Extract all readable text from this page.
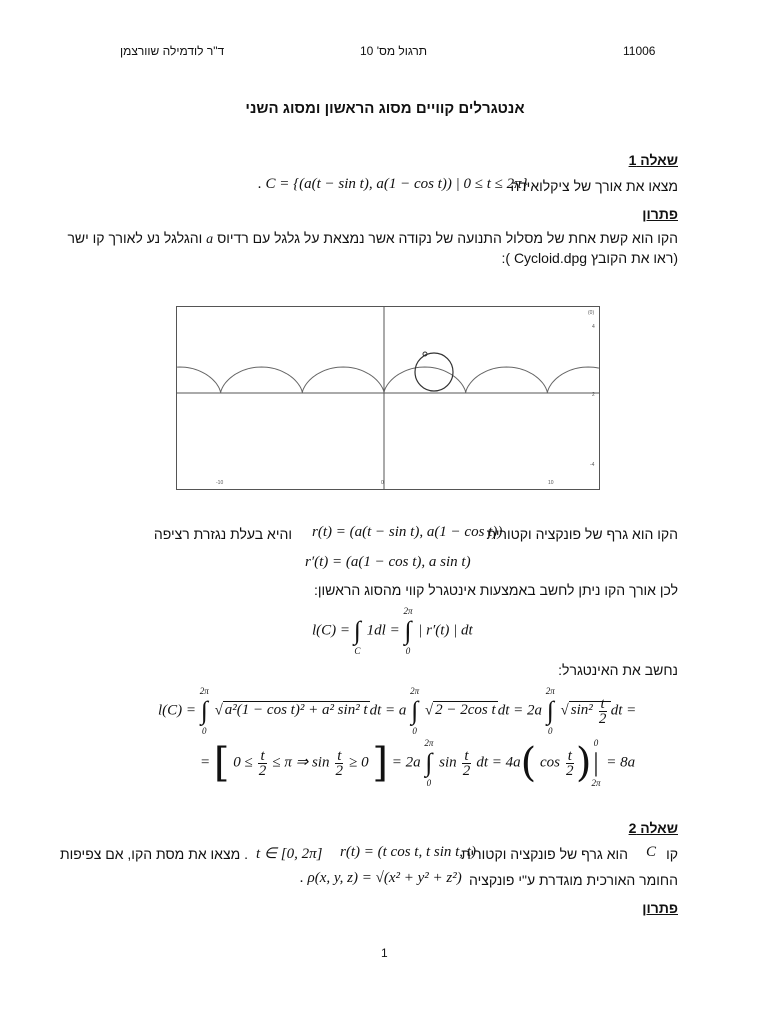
11006
תרגול מס' 10
ד"ר לודמילה שוורצמן
אנטגרלים קוויים מסוג הראשון ומסוג השני
שאלה 1
מצאו את אורך של ציקלואידה
. C = {(a(t − sin t), a(1 − cos t)) | 0 ≤ t ≤ 2π}
פתרון
הקו הוא קשת אחת של מסלול התנועה של נקודה אשר נמצאת על גלגל עם רדיוס a והגלגל נע לאורך קו ישר
(ראו את הקובץ Cycloid.dpg ):
-10	0	10
4
2
-4
(0)
הקו הוא גרף של פונקציה וקטורית
r(t) = (a(t − sin t), a(1 − cos t))
והיא בעלת נגזרת רציפה
r′(t) = (a(1 − cos t), a sin t)
לכן אורך הקו ניתן לחשב באמצעות אינטגרל קווי מהסוג הראשון:
l(C) = ∫
C 1dl = 2π
∫
0 | r′(t) | dt
נחשב את האינטגרל:
l(C) = 2π
∫
0 √ a²(1 − cos t)² + a² sin² t dt = a 2π
∫
0 √ 2 − 2cos t dt = 2a 2π
∫
0 √ $\sin^2 \frac{t}{2}$ dt =
= [ $0 \le \frac{t}{2} \le \pi$ ⇒ $\sin \frac{t}{2} \ge 0$ ] = 2a 2π
∫
0 $\sin \frac{t}{2}$ dt = 4a( $\cos \frac{t}{2}$ ) 0
|
2π = 8a
שאלה 2
קו
C
הוא גרף של פונקציה וקטורית
r(t) = (t cos t, t sin t, t)
t ∈ [0, 2π]
. מצאו את מסת הקו, אם צפיפות
החומר האורכית מוגדרת ע"י פונקציה
. ρ(x, y, z) = √(x² + y² + z²)
פתרון
1
